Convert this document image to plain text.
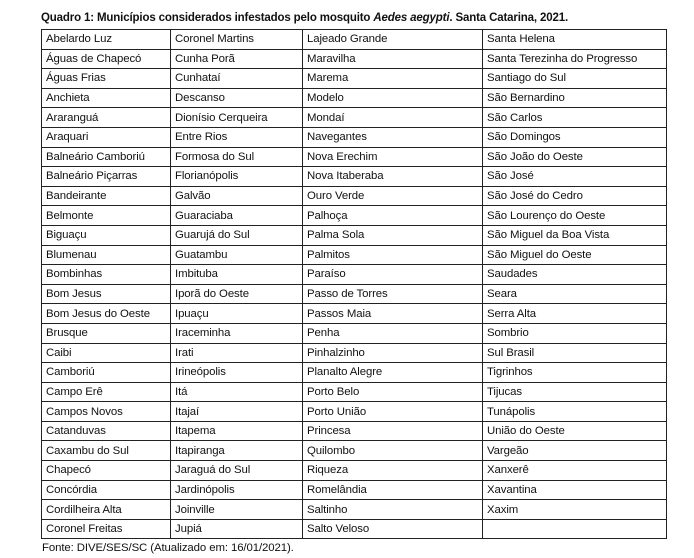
Quadro 1: Municípios considerados infestados pelo mosquito Aedes aegypti. Santa Catarina, 2021.
Abelardo Luz	Coronel Martins	Lajeado Grande	Santa Helena
Águas de Chapecó	Cunha Porã	Maravilha	Santa Terezinha do Progresso
Águas Frias	Cunhataí	Marema	Santiago do Sul
Anchieta	Descanso	Modelo	São Bernardino
Araranguá	Dionísio Cerqueira	Mondaí	São Carlos
Araquari	Entre Rios	Navegantes	São Domingos
Balneário Camboriú	Formosa do Sul	Nova Erechim	São João do Oeste
Balneário Piçarras	Florianópolis	Nova Itaberaba	São José
Bandeirante	Galvão	Ouro Verde	São José do Cedro
Belmonte	Guaraciaba	Palhoça	São Lourenço do Oeste
Biguaçu	Guarujá do Sul	Palma Sola	São Miguel da Boa Vista
Blumenau	Guatambu	Palmitos	São Miguel do Oeste
Bombinhas	Imbituba	Paraíso	Saudades
Bom Jesus	Iporã do Oeste	Passo de Torres	Seara
Bom Jesus do Oeste	Ipuaçu	Passos Maia	Serra Alta
Brusque	Iraceminha	Penha	Sombrio
Caibi	Irati	Pinhalzinho	Sul Brasil
Camboriú	Irineópolis	Planalto Alegre	Tigrinhos
Campo Erê	Itá	Porto Belo	Tijucas
Campos Novos	Itajaí	Porto União	Tunápolis
Catanduvas	Itapema	Princesa	União do Oeste
Caxambu do Sul	Itapiranga	Quilombo	Vargeão
Chapecó	Jaraguá do Sul	Riqueza	Xanxerê
Concórdia	Jardinópolis	Romelândia	Xavantina
Cordilheira Alta	Joinville	Saltinho	Xaxim
Coronel Freitas	Jupiá	Salto Veloso	
Fonte: DIVE/SES/SC (Atualizado em: 16/01/2021).
